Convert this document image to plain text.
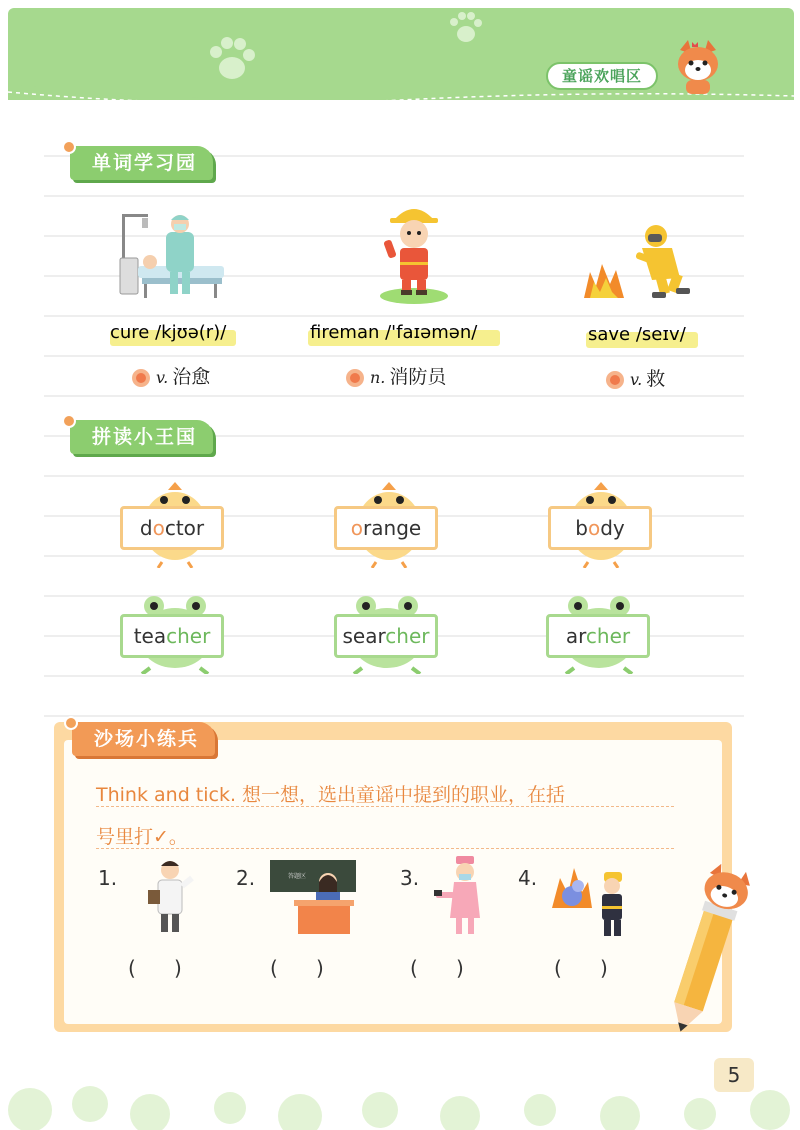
童谣欢唱区
单词学习园
cure /kjʊə(r)/	fireman /'faɪəmən/	save /seɪv/
v. 治愈	n. 消防员	v. 救
拼读小王国
doctor	orange	body
teacher	searcher	archer
沙场小练兵
Think and tick. 想一想，选出童谣中提到的职业，在括
号里打✓。
1.	2.	3.	4.
答题区
(      )	(      )	(      )	(      )
5
